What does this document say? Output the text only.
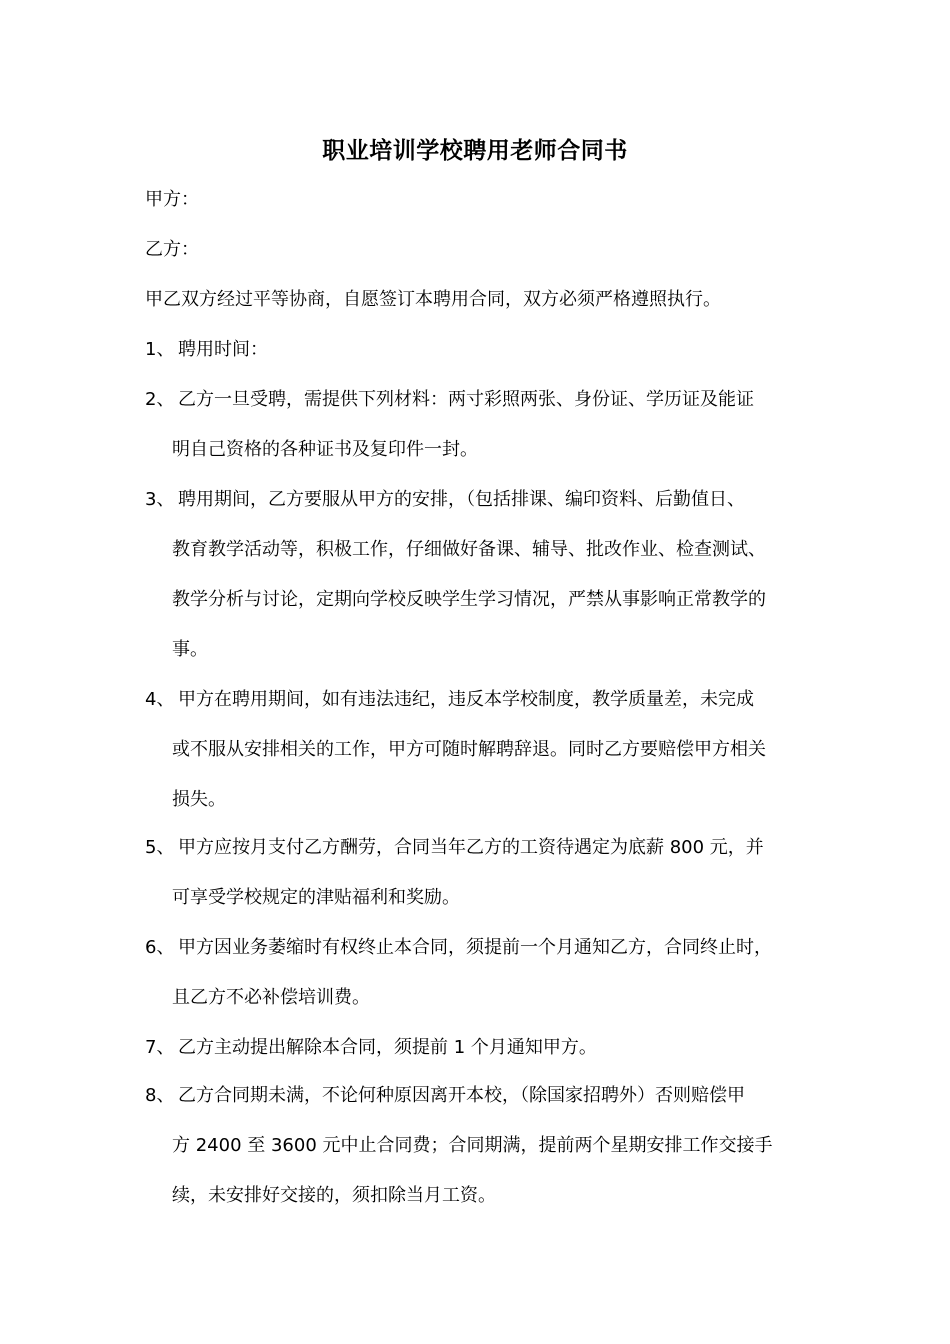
职业培训学校聘用老师合同书
甲方：
乙方：
甲乙双方经过平等协商，自愿签订本聘用合同，双方必须严格遵照执行。
1、 聘用时间：
2、 乙方一旦受聘，需提供下列材料：两寸彩照两张、身份证、学历证及能证
明自己资格的各种证书及复印件一封。
3、 聘用期间，乙方要服从甲方的安排，（包括排课、编印资料、后勤值日、
教育教学活动等，积极工作，仔细做好备课、辅导、批改作业、检查测试、
教学分析与讨论，定期向学校反映学生学习情况，严禁从事影响正常教学的
事。
4、 甲方在聘用期间，如有违法违纪，违反本学校制度，教学质量差，未完成
或不服从安排相关的工作，甲方可随时解聘辞退。同时乙方要赔偿甲方相关
损失。
5、 甲方应按月支付乙方酬劳，合同当年乙方的工资待遇定为底薪 800 元，并
可享受学校规定的津贴福利和奖励。
6、 甲方因业务萎缩时有权终止本合同，须提前一个月通知乙方，合同终止时，
且乙方不必补偿培训费。
7、 乙方主动提出解除本合同，须提前 1 个月通知甲方。
8、 乙方合同期未满，不论何种原因离开本校，（除国家招聘外）否则赔偿甲
方 2400 至 3600 元中止合同费；合同期满，提前两个星期安排工作交接手
续，未安排好交接的，须扣除当月工资。
